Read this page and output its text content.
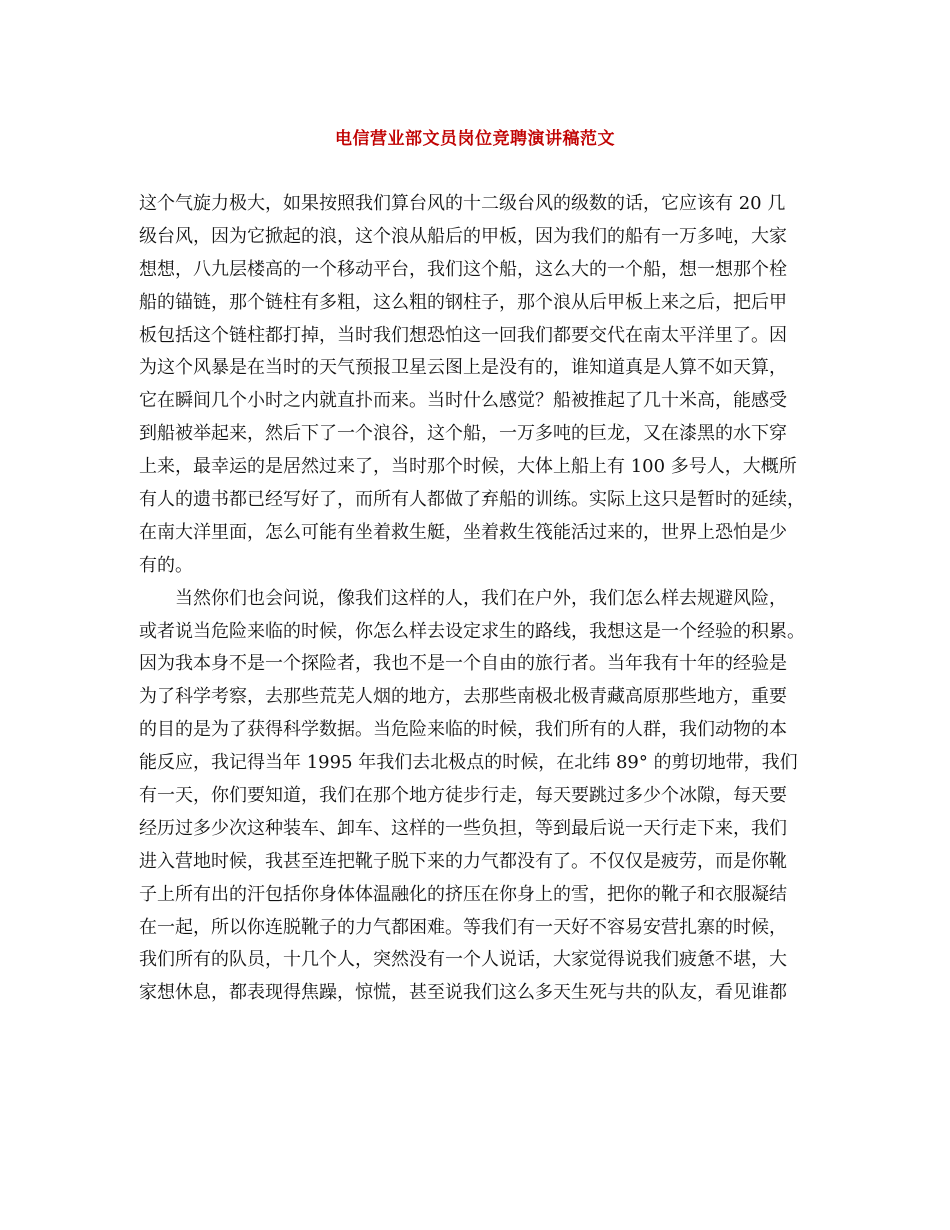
电信营业部文员岗位竞聘演讲稿范文
这个气旋力极大，如果按照我们算台风的十二级台风的级数的话，它应该有 20 几
级台风，因为它掀起的浪，这个浪从船后的甲板，因为我们的船有一万多吨，大家
想想，八九层楼高的一个移动平台，我们这个船，这么大的一个船，想一想那个栓
船的锚链，那个链柱有多粗，这么粗的钢柱子，那个浪从后甲板上来之后，把后甲
板包括这个链柱都打掉，当时我们想恐怕这一回我们都要交代在南太平洋里了。因
为这个风暴是在当时的天气预报卫星云图上是没有的，谁知道真是人算不如天算，
它在瞬间几个小时之内就直扑而来。当时什么感觉？船被推起了几十米高，能感受
到船被举起来，然后下了一个浪谷，这个船，一万多吨的巨龙，又在漆黑的水下穿
上来，最幸运的是居然过来了，当时那个时候，大体上船上有 100 多号人，大概所
有人的遗书都已经写好了，而所有人都做了弃船的训练。实际上这只是暂时的延续，
在南大洋里面，怎么可能有坐着救生艇，坐着救生筏能活过来的，世界上恐怕是少
有的。
当然你们也会问说，像我们这样的人，我们在户外，我们怎么样去规避风险，
或者说当危险来临的时候，你怎么样去设定求生的路线，我想这是一个经验的积累。
因为我本身不是一个探险者，我也不是一个自由的旅行者。当年我有十年的经验是
为了科学考察，去那些荒芜人烟的地方，去那些南极北极青藏高原那些地方，重要
的目的是为了获得科学数据。当危险来临的时候，我们所有的人群，我们动物的本
能反应，我记得当年 1995 年我们去北极点的时候，在北纬 89° 的剪切地带，我们
有一天，你们要知道，我们在那个地方徒步行走，每天要跳过多少个冰隙，每天要
经历过多少次这种装车、卸车、这样的一些负担，等到最后说一天行走下来，我们
进入营地时候，我甚至连把靴子脱下来的力气都没有了。不仅仅是疲劳，而是你靴
子上所有出的汗包括你身体体温融化的挤压在你身上的雪，把你的靴子和衣服凝结
在一起，所以你连脱靴子的力气都困难。等我们有一天好不容易安营扎寨的时候，
我们所有的队员，十几个人，突然没有一个人说话，大家觉得说我们疲惫不堪，大
家想休息，都表现得焦躁，惊慌，甚至说我们这么多天生死与共的队友，看见谁都
